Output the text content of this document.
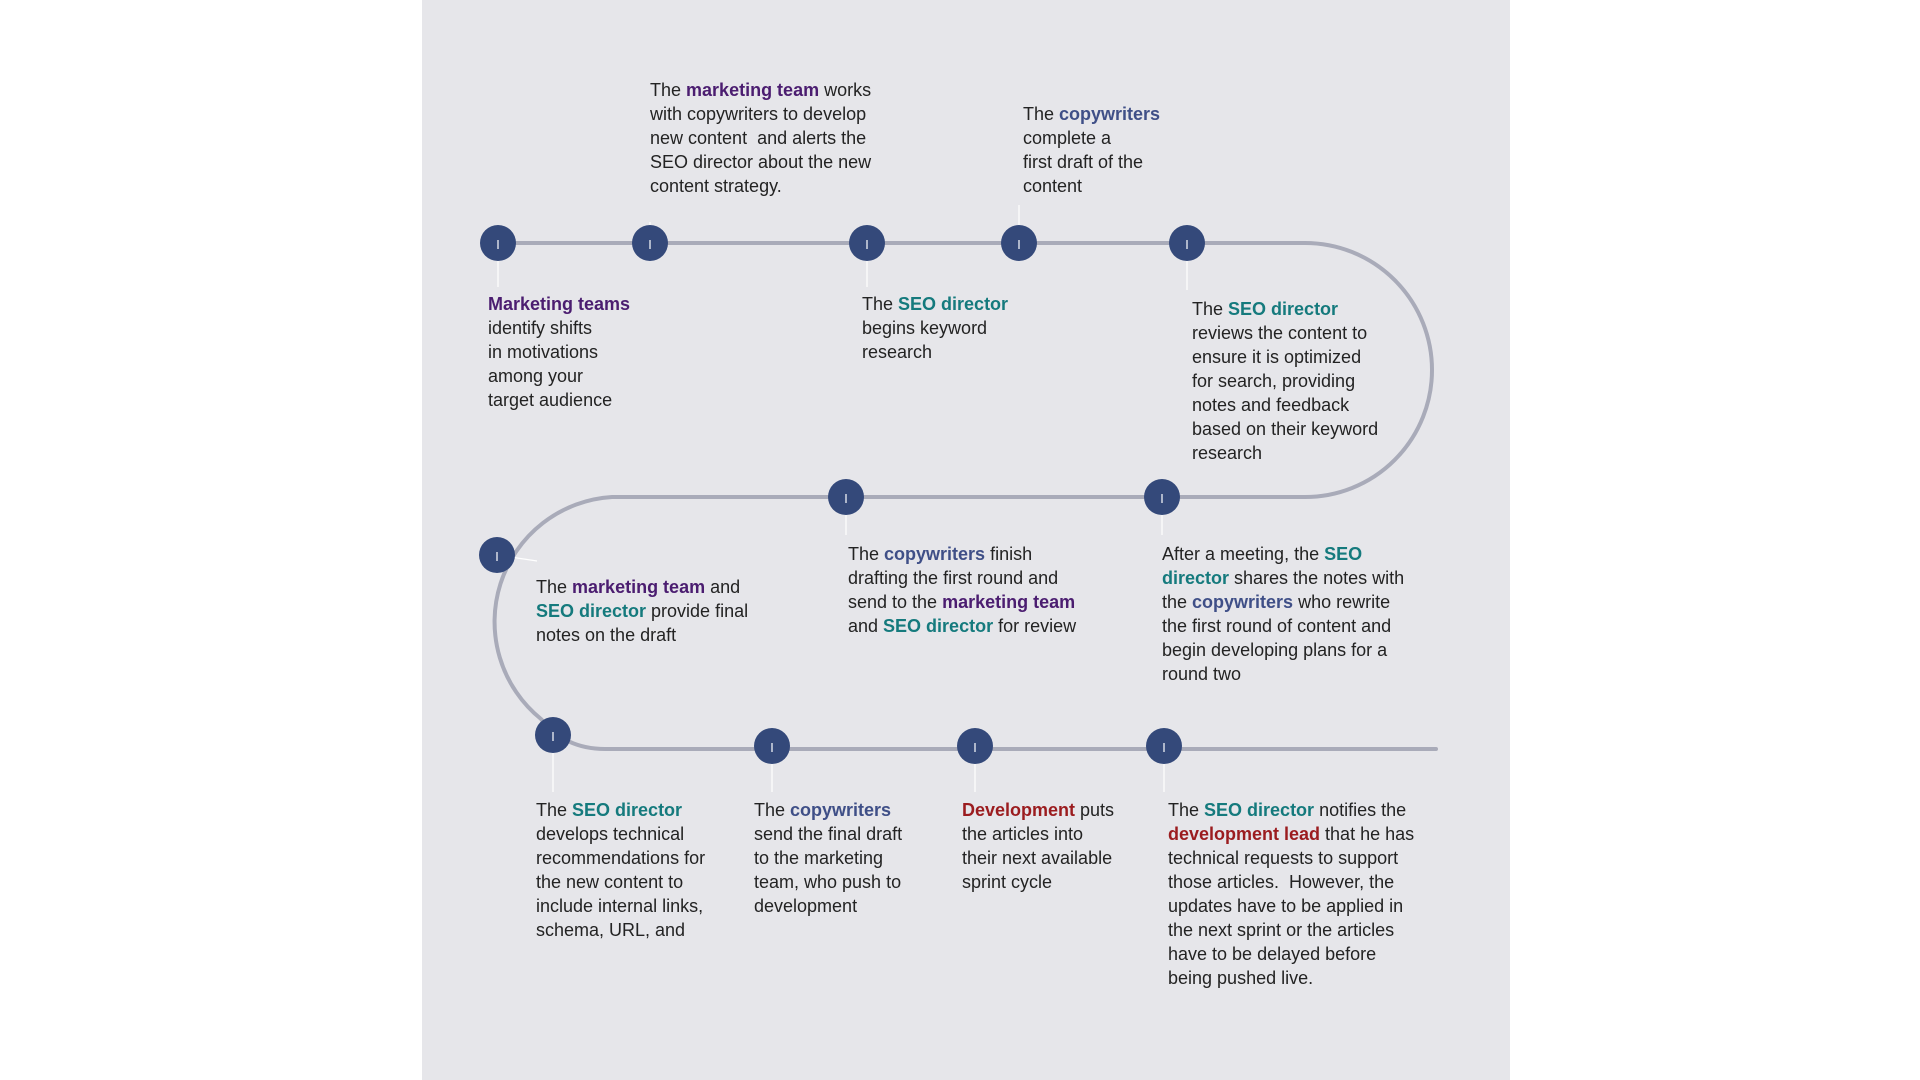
Marketing teams
identify shifts
in motivations
among your
target audience

The marketing team works
with copywriters to develop
new content  and alerts the
SEO director about the new
content strategy.

The SEO director
begins keyword
research

The copywriters
complete a
first draft of the
content

The SEO director
reviews the content to
ensure it is optimized
for search, providing
notes and feedback
based on their keyword
research

After a meeting, the SEO
director shares the notes with
the copywriters who rewrite
the first round of content and
begin developing plans for a
round two

The copywriters finish
drafting the first round and
send to the marketing team
and SEO director for review

The marketing team and
SEO director provide final
notes on the draft

The SEO director
develops technical
recommendations for
the new content to
include internal links,
schema, URL, and

The copywriters
send the final draft
to the marketing
team, who push to
development

Development puts
the articles into
their next available
sprint cycle

The SEO director notifies the
development lead that he has
technical requests to support
those articles.  However, the
updates have to be applied in
the next sprint or the articles
have to be delayed before
being pushed live.
